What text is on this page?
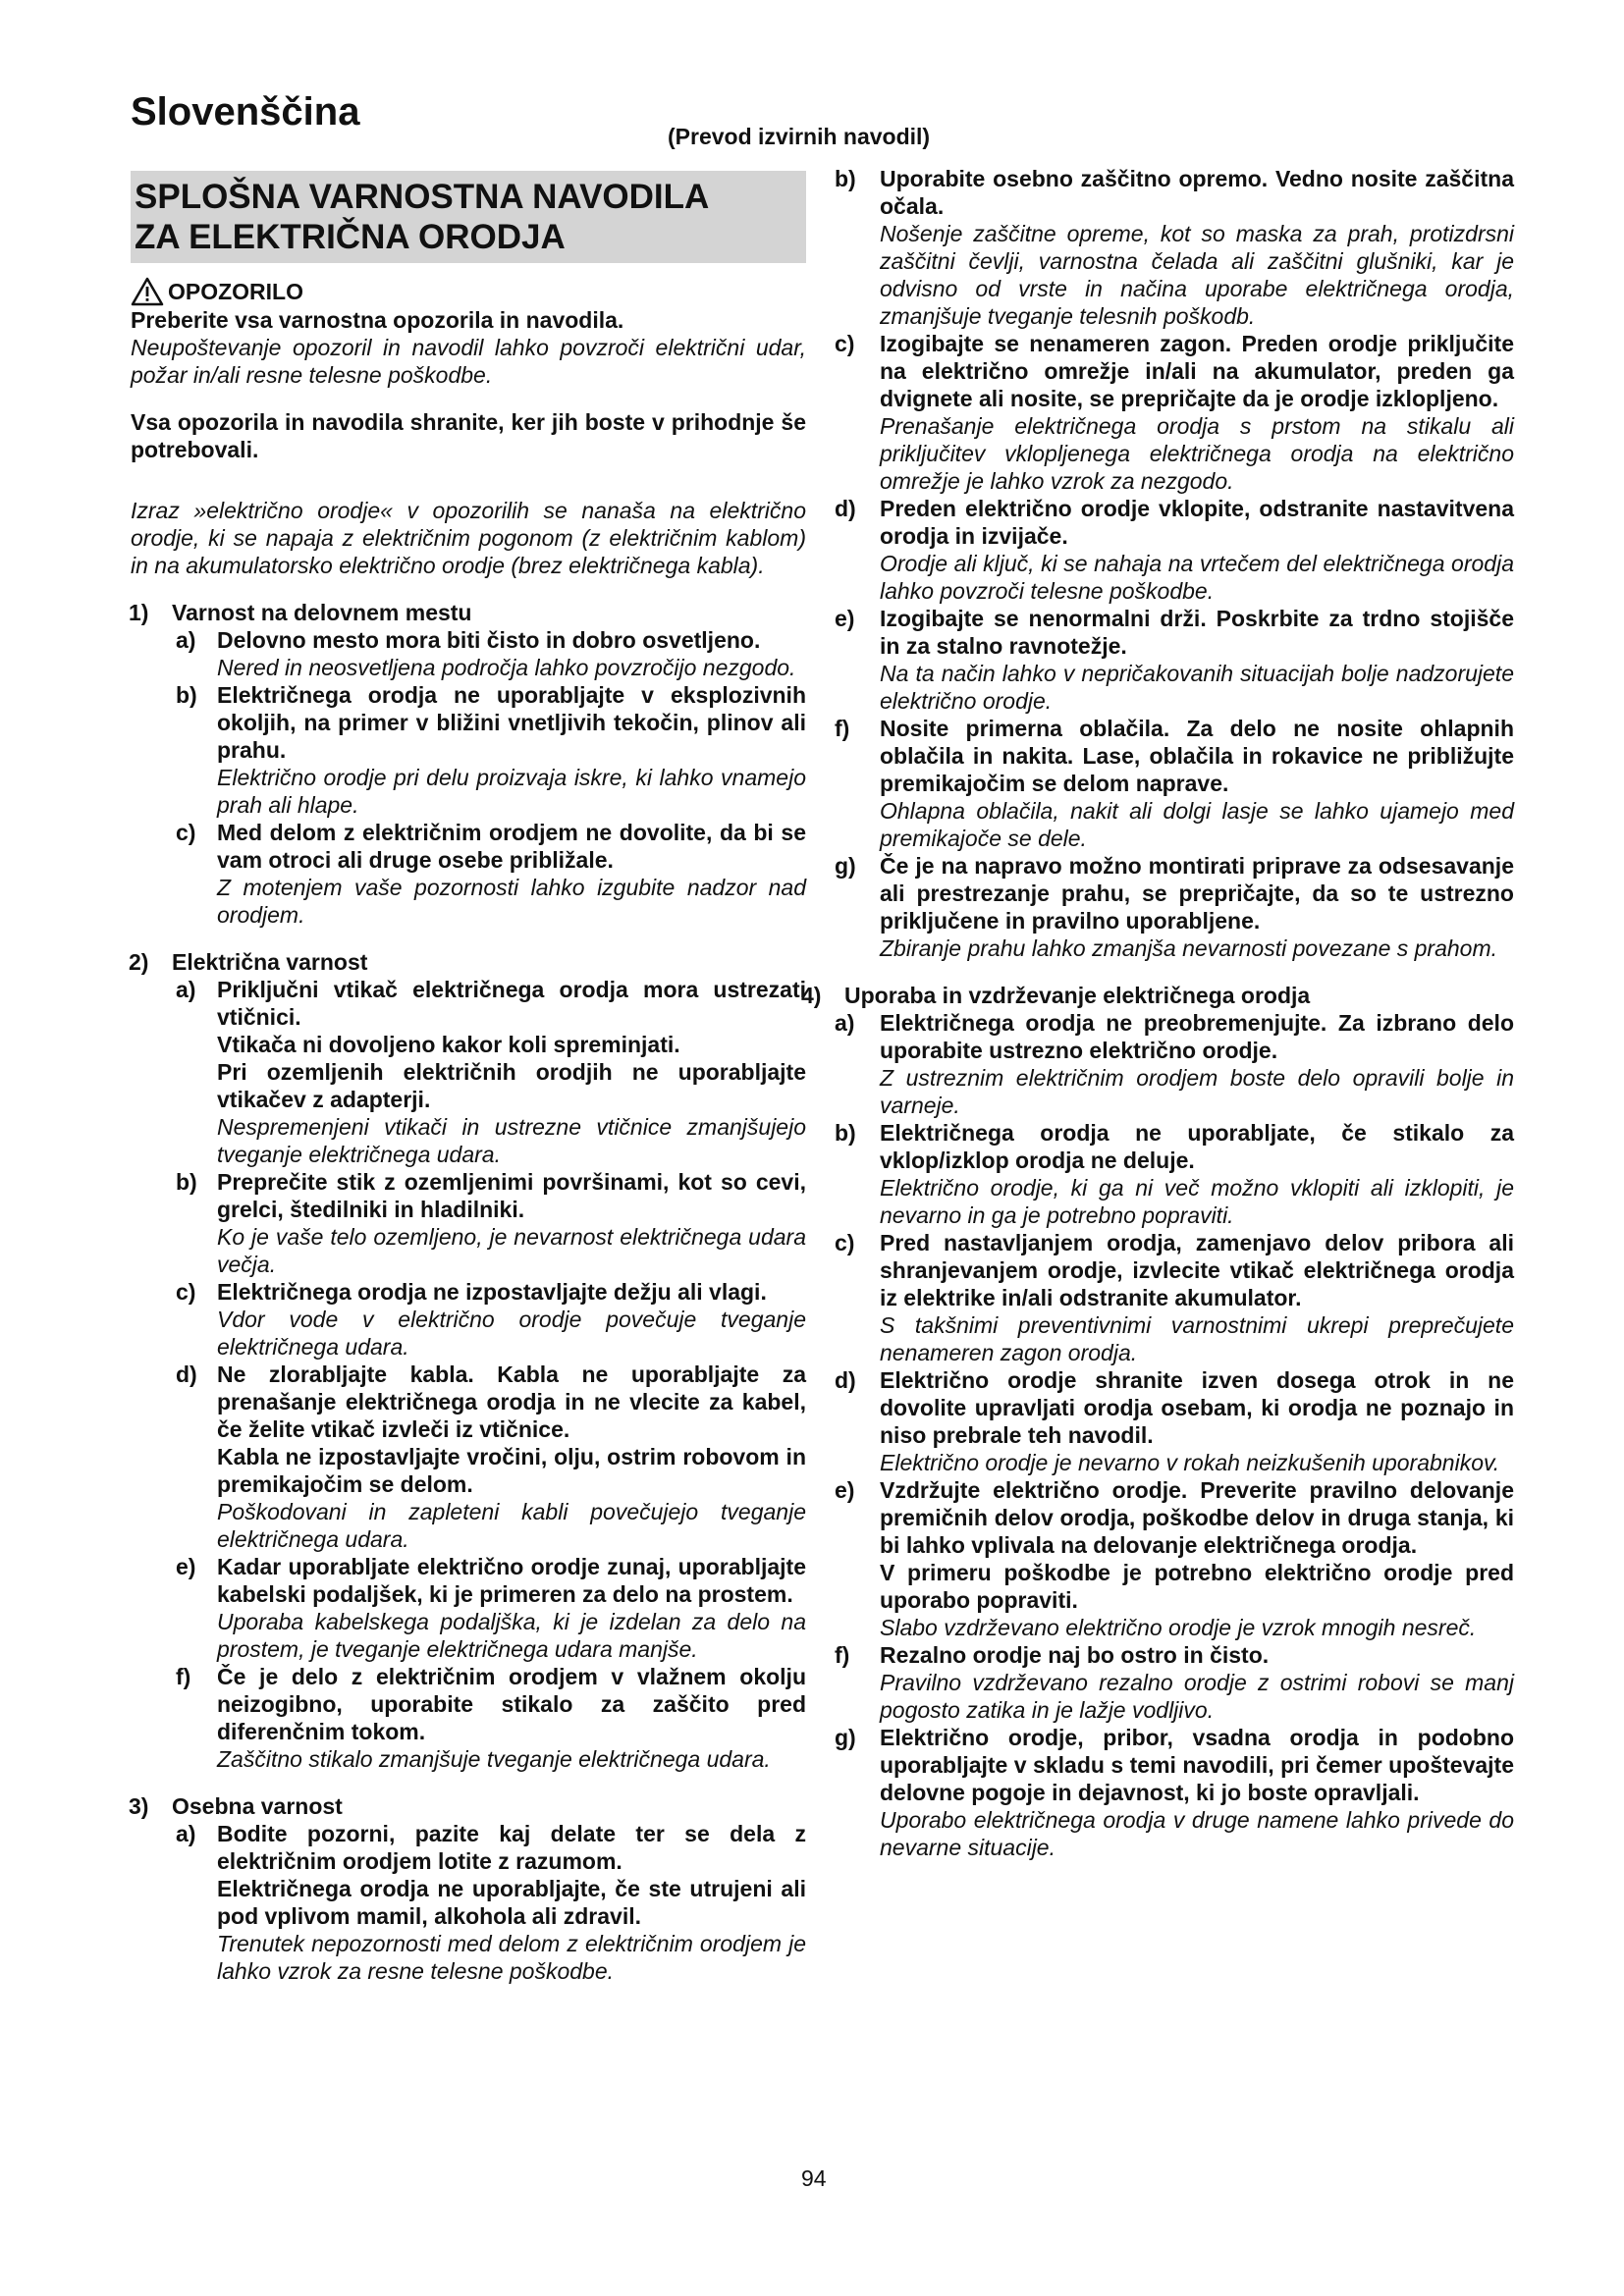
Slovenščina
(Prevod izvirnih navodil)
SPLOŠNA VARNOSTNA NAVODILA
ZA ELEKTRIČNA ORODJA
OPOZORILO

Preberite vsa varnostna opozorila in navodila.

Neupoštevanje opozoril in navodil lahko povzroči električni udar, požar in/ali resne telesne poškodbe.

Vsa opozorila in navodila shranite, ker jih boste v prihodnje še potrebovali.

Izraz »električno orodje« v opozorilih se nanaša na električno orodje, ki se napaja z električnim pogonom (z električnim kablom) in na akumulatorsko električno orodje (brez električnega kabla).

1)	Varnost na delovnem mestu
a) Delovno mesto mora biti čisto in dobro osvetljeno.

Nered in neosvetljena področja lahko povzročijo nezgodo.

b) Električnega orodja ne uporabljajte v eksplozivnih okoljih, na primer v bližini vnetljivih tekočin, plinov ali prahu.

Električno orodje pri delu proizvaja iskre, ki lahko vnamejo prah ali hlape.

c) Med delom z električnim orodjem ne dovolite, da bi se vam otroci ali druge osebe približale.

Z motenjem vaše pozornosti lahko izgubite nadzor nad orodjem.

2)	Električna varnost
a) Priključni vtikač električnega orodja mora ustrezati vtičnici.

Vtikača ni dovoljeno kakor koli spreminjati.

Pri ozemljenih električnih orodjih ne uporabljajte vtikačev z adapterji.

Nespremenjeni vtikači in ustrezne vtičnice zmanjšujejo tveganje električnega udara.

b) Preprečite stik z ozemljenimi površinami, kot so cevi, grelci, štedilniki in hladilniki.

Ko je vaše telo ozemljeno, je nevarnost električnega udara večja.

c) Električnega orodja ne izpostavljajte dežju ali vlagi.

Vdor vode v električno orodje povečuje tveganje električnega udara.

d) Ne zlorabljajte kabla. Kabla ne uporabljajte za prenašanje električnega orodja in ne vlecite za kabel, če želite vtikač izvleči iz vtičnice.

Kabla ne izpostavljajte vročini, olju, ostrim robovom in premikajočim se delom.

Poškodovani in zapleteni kabli povečujejo tveganje električnega udara.

e) Kadar uporabljate električno orodje zunaj, uporabljajte kabelski podaljšek, ki je primeren za delo na prostem.

Uporaba kabelskega podaljška, ki je izdelan za delo na prostem, je tveganje električnega udara manjše.

f)	Če je delo z električnim orodjem v vlažnem okolju neizogibno, uporabite stikalo za zaščito pred diferenčnim tokom.

Zaščitno stikalo zmanjšuje tveganje električnega udara.

3)	Osebna varnost
a) Bodite pozorni, pazite kaj delate ter se dela z električnim orodjem lotite z razumom.

Električnega orodja ne uporabljajte, če ste utrujeni ali pod vplivom mamil, alkohola ali zdravil.

Trenutek nepozornosti med delom z električnim orodjem je lahko vzrok za resne telesne poškodbe.

b)	Uporabite osebno zaščitno opremo. Vedno nosite zaščitna očala.

Nošenje zaščitne opreme, kot so maska za prah, protizdrsni zaščitni čevlji, varnostna čelada ali zaščitni glušniki, kar je odvisno od vrste in načina uporabe električnega orodja, zmanjšuje tveganje telesnih poškodb.

c)	Izogibajte se nenameren zagon. Preden orodje priključite na električno omrežje in/ali na akumulator, preden ga dvignete ali nosite, se prepričajte da je orodje izklopljeno.

Prenašanje električnega orodja s prstom na stikalu ali priključitev vklopljenega električnega orodja na električno omrežje je lahko vzrok za nezgodo.

d)	Preden električno orodje vklopite, odstranite nastavitvena orodja in izvijače.

Orodje ali ključ, ki se nahaja na vrtečem del električnega orodja lahko povzroči telesne poškodbe.

e)	Izogibajte se nenormalni drži. Poskrbite za trdno stojišče in za stalno ravnotežje.

Na ta način lahko v nepričakovanih situacijah bolje nadzorujete električno orodje.

f)	Nosite primerna oblačila. Za delo ne nosite ohlapnih oblačila in nakita. Lase, oblačila in rokavice ne približujte premikajočim se delom naprave.

Ohlapna oblačila, nakit ali dolgi lasje se lahko ujamejo med premikajoče se dele.

g)	Če je na napravo možno montirati priprave za odsesavanje ali prestrezanje prahu, se prepričajte, da so te ustrezno priključene in pravilno uporabljene.

Zbiranje prahu lahko zmanjša nevarnosti povezane s prahom.

4)	Uporaba in vzdrževanje električnega orodja
a)	Električnega orodja ne preobremenjujte. Za izbrano delo uporabite ustrezno električno orodje.

Z ustreznim električnim orodjem boste delo opravili bolje in varneje.

b)	Električnega orodja ne uporabljate, če stikalo za vklop/izklop orodja ne deluje.

Električno orodje, ki ga ni več možno vklopiti ali izklopiti, je nevarno in ga je potrebno popraviti.

c)	Pred nastavljanjem orodja, zamenjavo delov pribora ali shranjevanjem orodje, izvlecite vtikač električnega orodja iz elektrike in/ali odstranite akumulator.

S takšnimi preventivnimi varnostnimi ukrepi preprečujete nenameren zagon orodja.

d)	Električno orodje shranite izven dosega otrok in ne dovolite upravljati orodja osebam, ki orodja ne poznajo in niso prebrale teh navodil.

Električno orodje je nevarno v rokah neizkušenih uporabnikov.

e)	Vzdržujte električno orodje. Preverite pravilno delovanje premičnih delov orodja, poškodbe delov in druga stanja, ki bi lahko vplivala na delovanje električnega orodja.

V primeru poškodbe je potrebno električno orodje pred uporabo popraviti.

Slabo vzdrževano električno orodje je vzrok mnogih nesreč.

f)	Rezalno orodje naj bo ostro in čisto.

Pravilno vzdrževano rezalno orodje z ostrimi robovi se manj pogosto zatika in je lažje vodljivo.

g)	Električno orodje, pribor, vsadna orodja in podobno uporabljajte v skladu s temi navodili, pri čemer upoštevajte delovne pogoje in dejavnost, ki jo boste opravljali.

Uporabo električnega orodja v druge namene lahko privede do nevarne situacije.

94
